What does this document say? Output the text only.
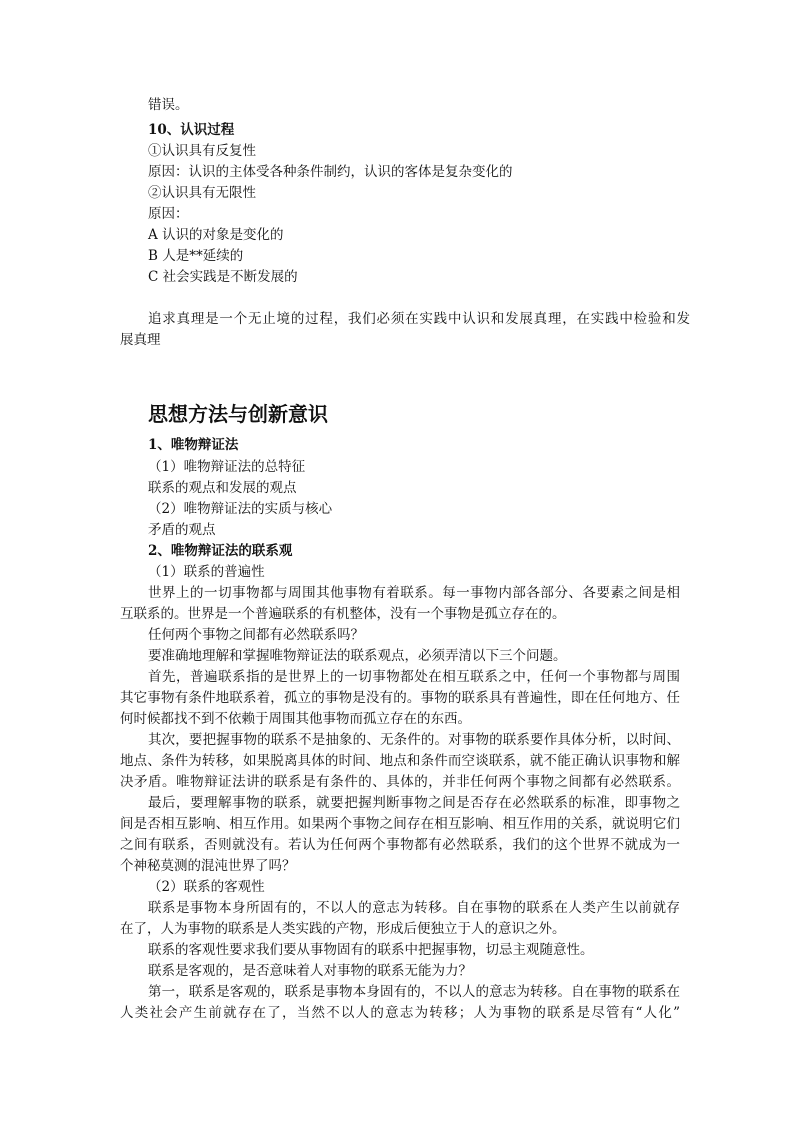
错误。
10、认识过程
①认识具有反复性
原因：认识的主体受各种条件制约，认识的客体是复杂变化的
②认识具有无限性
原因：
A 认识的对象是变化的
B 人是**延续的
C 社会实践是不断发展的
追求真理是一个无止境的过程，我们必须在实践中认识和发展真理，在实践中检验和发
展真理
思想方法与创新意识
1、唯物辩证法
（1）唯物辩证法的总特征
联系的观点和发展的观点
（2）唯物辩证法的实质与核心
矛盾的观点
2、唯物辩证法的联系观
（1）联系的普遍性
世界上的一切事物都与周围其他事物有着联系。每一事物内部各部分、各要素之间是相
互联系的。世界是一个普遍联系的有机整体，没有一个事物是孤立存在的。
任何两个事物之间都有必然联系吗？
要准确地理解和掌握唯物辩证法的联系观点，必须弄清以下三个问题。
首先，普遍联系指的是世界上的一切事物都处在相互联系之中，任何一个事物都与周围
其它事物有条件地联系着，孤立的事物是没有的。事物的联系具有普遍性，即在任何地方、任
何时候都找不到不依赖于周围其他事物而孤立存在的东西。
其次，要把握事物的联系不是抽象的、无条件的。对事物的联系要作具体分析，以时间、
地点、条件为转移，如果脱离具体的时间、地点和条件而空谈联系，就不能正确认识事物和解
决矛盾。唯物辩证法讲的联系是有条件的、具体的，并非任何两个事物之间都有必然联系。
最后，要理解事物的联系，就要把握判断事物之间是否存在必然联系的标准，即事物之
间是否相互影响、相互作用。如果两个事物之间存在相互影响、相互作用的关系，就说明它们
之间有联系，否则就没有。若认为任何两个事物都有必然联系，我们的这个世界不就成为一
个神秘莫测的混沌世界了吗？
（2）联系的客观性
联系是事物本身所固有的，不以人的意志为转移。自在事物的联系在人类产生以前就存
在了，人为事物的联系是人类实践的产物，形成后便独立于人的意识之外。
联系的客观性要求我们要从事物固有的联系中把握事物，切忌主观随意性。
联系是客观的，是否意味着人对事物的联系无能为力？
第一，联系是客观的，联系是事物本身固有的，不以人的意志为转移。自在事物的联系在
人类社会产生前就存在了，当然不以人的意志为转移；人为事物的联系是尽管有“人化”
